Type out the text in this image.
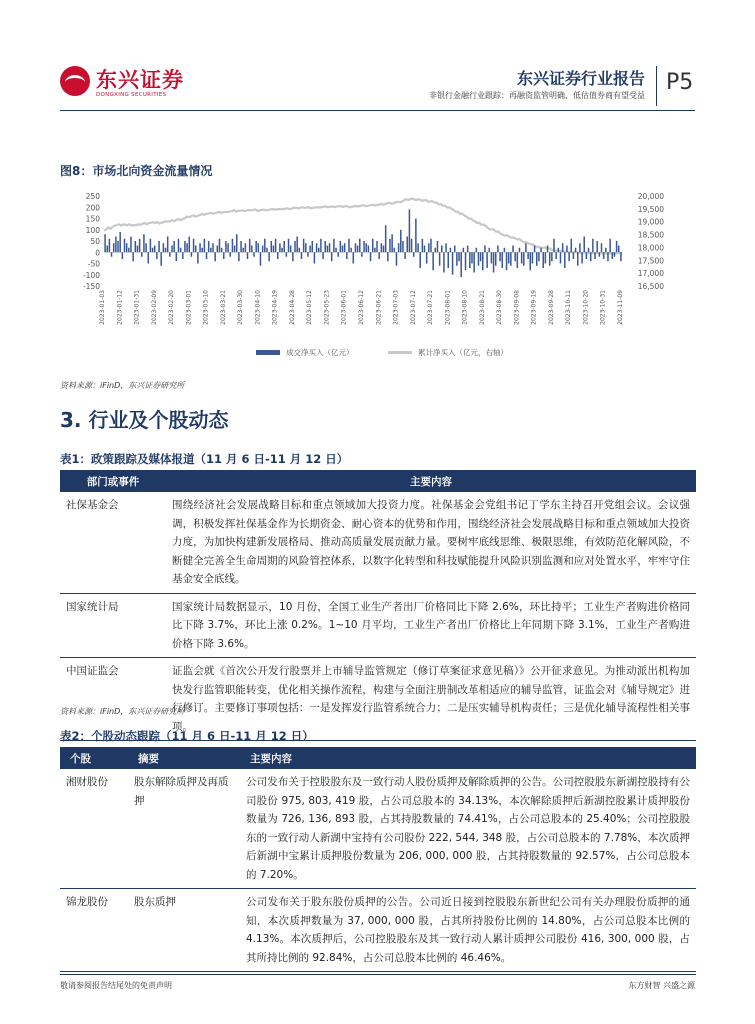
东兴证券
DONGXING SECURITIES
东兴证券行业报告
非银行金融行业跟踪：再融资监管明确，低估值券商有望受益
P5
图8：市场北向资金流量情况
250
200
150
100
50
0
-50
-100
-150
20,000
19,500
19,000
18,500
18,000
17,500
17,000
16,500
2023-01-03 2023-01-12 2023-01-31 2023-02-09 2023-02-20 2023-03-01 2023-03-10 2023-03-21 2023-03-30 2023-04-10 2023-04-19 2023-04-28 2023-05-12 2023-05-23 2023-06-01 2023-06-12 2023-06-21 2023-07-03 2023-07-12 2023-07-21 2023-08-01 2023-08-10 2023-08-21 2023-08-30 2023-09-08 2023-09-19 2023-09-28 2023-10-11 2023-10-20 2023-10-31 2023-11-09
成交净买入（亿元）	累计净买入（亿元，右轴）
资料来源：iFinD，东兴证券研究所
3. 行业及个股动态
表1：政策跟踪及媒体报道（11 月 6 日-11 月 12 日）
部门或事件	主要内容
社保基金会	围绕经济社会发展战略目标和重点领域加大投资力度。社保基金会党组书记丁学东主持召开党组会议。会议强调，积极发挥社保基金作为长期资金、耐心资本的优势和作用，围绕经济社会发展战略目标和重点领域加大投资力度，为加快构建新发展格局、推动高质量发展贡献力量。要树牢底线思维、极限思维，有效防范化解风险，不断健全完善全生命周期的风险管控体系，以数字化转型和科技赋能提升风险识别监测和应对处置水平，牢牢守住基金安全底线。
国家统计局	国家统计局数据显示，10 月份，全国工业生产者出厂价格同比下降 2.6%，环比持平；工业生产者购进价格同比下降 3.7%，环比上涨 0.2%。1~10 月平均，工业生产者出厂价格比上年同期下降 3.1%，工业生产者购进价格下降 3.6%。
中国证监会	证监会就《首次公开发行股票并上市辅导监管规定（修订草案征求意见稿）》公开征求意见。为推动派出机构加快发行监管职能转变，优化相关操作流程，构建与全面注册制改革相适应的辅导监管，证监会对《辅导规定》进行修订。主要修订事项包括：一是发挥发行监管系统合力；二是压实辅导机构责任；三是优化辅导流程性相关事项。
资料来源：iFinD，东兴证券研究所
表2：个股动态跟踪（11 月 6 日-11 月 12 日）
个股	摘要	主要内容
湘财股份	股东解除质押及再质押	公司发布关于控股股东及一致行动人股份质押及解除质押的公告。公司控股股东新湖控股持有公司股份 975, 803, 419 股，占公司总股本的 34.13%，本次解除质押后新湖控股累计质押股份数量为 726, 136, 893 股，占其持股数量的 74.41%，占公司总股本的 25.40%；公司控股股东的一致行动人新湖中宝持有公司股份 222, 544, 348 股，占公司总股本的 7.78%，本次质押后新湖中宝累计质押股份数量为 206, 000, 000 股，占其持股数量的 92.57%，占公司总股本的 7.20%。
锦龙股份	股东质押	公司发布关于股东股份质押的公告。公司近日接到控股股东新世纪公司有关办理股份质押的通知，本次质押数量为 37, 000, 000 股，占其所持股份比例的 14.80%，占公司总股本比例的 4.13%。本次质押后，公司控股股东及其一致行动人累计质押公司股份 416, 300, 000 股，占其所持比例的 92.84%，占公司总股本比例的 46.46%。
敬请参阅报告结尾处的免责声明	东方财智 兴盛之源
